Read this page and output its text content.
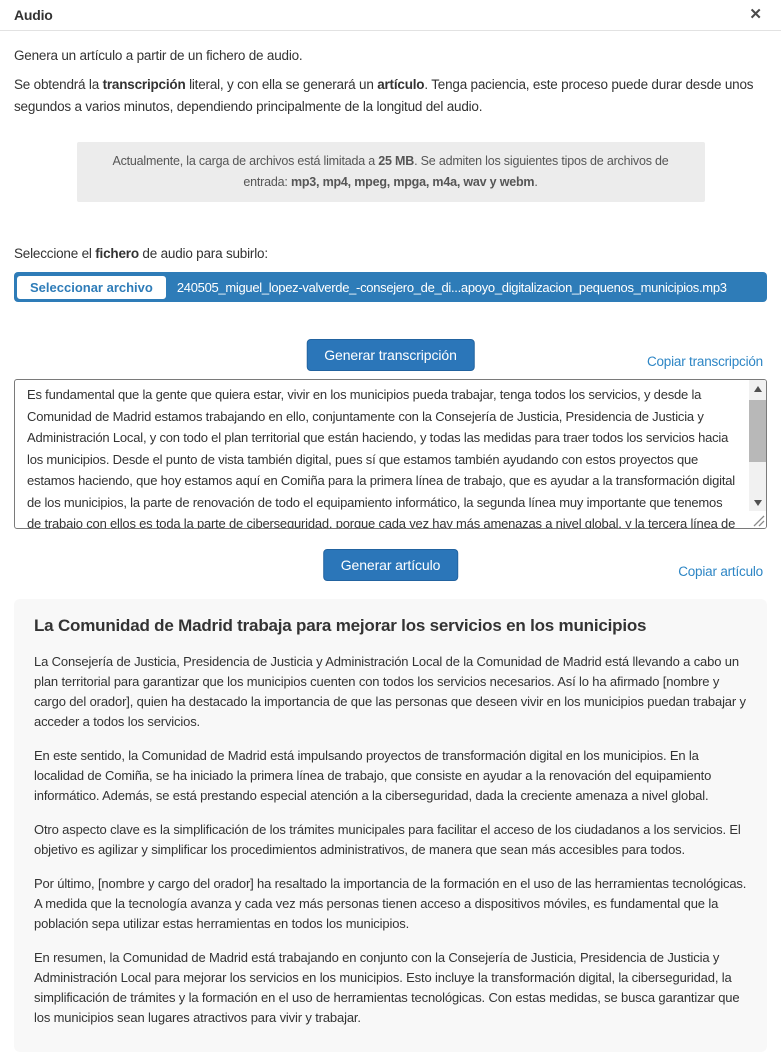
Audio	✕

Genera un artículo a partir de un fichero de audio.

Se obtendrá la transcripción literal, y con ella se generará un artículo. Tenga paciencia, este proceso puede durar desde unos segundos a varios minutos, dependiendo principalmente de la longitud del audio.

Actualmente, la carga de archivos está limitada a 25 MB. Se admiten los siguientes tipos de archivos de entrada: mp3, mp4, mpeg, mpga, m4a, wav y webm.

Seleccione el fichero de audio para subirlo:

Seleccionar archivo	240505_miguel_lopez-valverde_-consejero_de_di...apoyo_digitalizacion_pequenos_municipios.mp3
Generar transcripción	Copiar transcripción
Es fundamental que la gente que quiera estar, vivir en los municipios pueda trabajar, tenga todos los servicios, y desde la Comunidad de Madrid estamos trabajando en ello, conjuntamente con la Consejería de Justicia, Presidencia de Justicia y Administración Local, y con todo el plan territorial que están haciendo, y todas las medidas para traer todos los servicios hacia los municipios. Desde el punto de vista también digital, pues sí que estamos también ayudando con estos proyectos que estamos haciendo, que hoy estamos aquí en Comiña para la primera línea de trabajo, que es ayudar a la transformación digital de los municipios, la parte de renovación de todo el equipamiento informático, la segunda línea muy importante que tenemos de trabajo con ellos es toda la parte de ciberseguridad, porque cada vez hay más amenazas a nivel global, y la tercera línea de trabajo es la simplificación de los trámites municipales.
Generar artículo	Copiar artículo
La Comunidad de Madrid trabaja para mejorar los servicios en los municipios

La Consejería de Justicia, Presidencia de Justicia y Administración Local de la Comunidad de Madrid está llevando a cabo un plan territorial para garantizar que los municipios cuenten con todos los servicios necesarios. Así lo ha afirmado [nombre y cargo del orador], quien ha destacado la importancia de que las personas que deseen vivir en los municipios puedan trabajar y acceder a todos los servicios.

En este sentido, la Comunidad de Madrid está impulsando proyectos de transformación digital en los municipios. En la localidad de Comiña, se ha iniciado la primera línea de trabajo, que consiste en ayudar a la renovación del equipamiento informático. Además, se está prestando especial atención a la ciberseguridad, dada la creciente amenaza a nivel global.

Otro aspecto clave es la simplificación de los trámites municipales para facilitar el acceso de los ciudadanos a los servicios. El objetivo es agilizar y simplificar los procedimientos administrativos, de manera que sean más accesibles para todos.

Por último, [nombre y cargo del orador] ha resaltado la importancia de la formación en el uso de las herramientas tecnológicas. A medida que la tecnología avanza y cada vez más personas tienen acceso a dispositivos móviles, es fundamental que la población sepa utilizar estas herramientas en todos los municipios.

En resumen, la Comunidad de Madrid está trabajando en conjunto con la Consejería de Justicia, Presidencia de Justicia y Administración Local para mejorar los servicios en los municipios. Esto incluye la transformación digital, la ciberseguridad, la simplificación de trámites y la formación en el uso de herramientas tecnológicas. Con estas medidas, se busca garantizar que los municipios sean lugares atractivos para vivir y trabajar.
